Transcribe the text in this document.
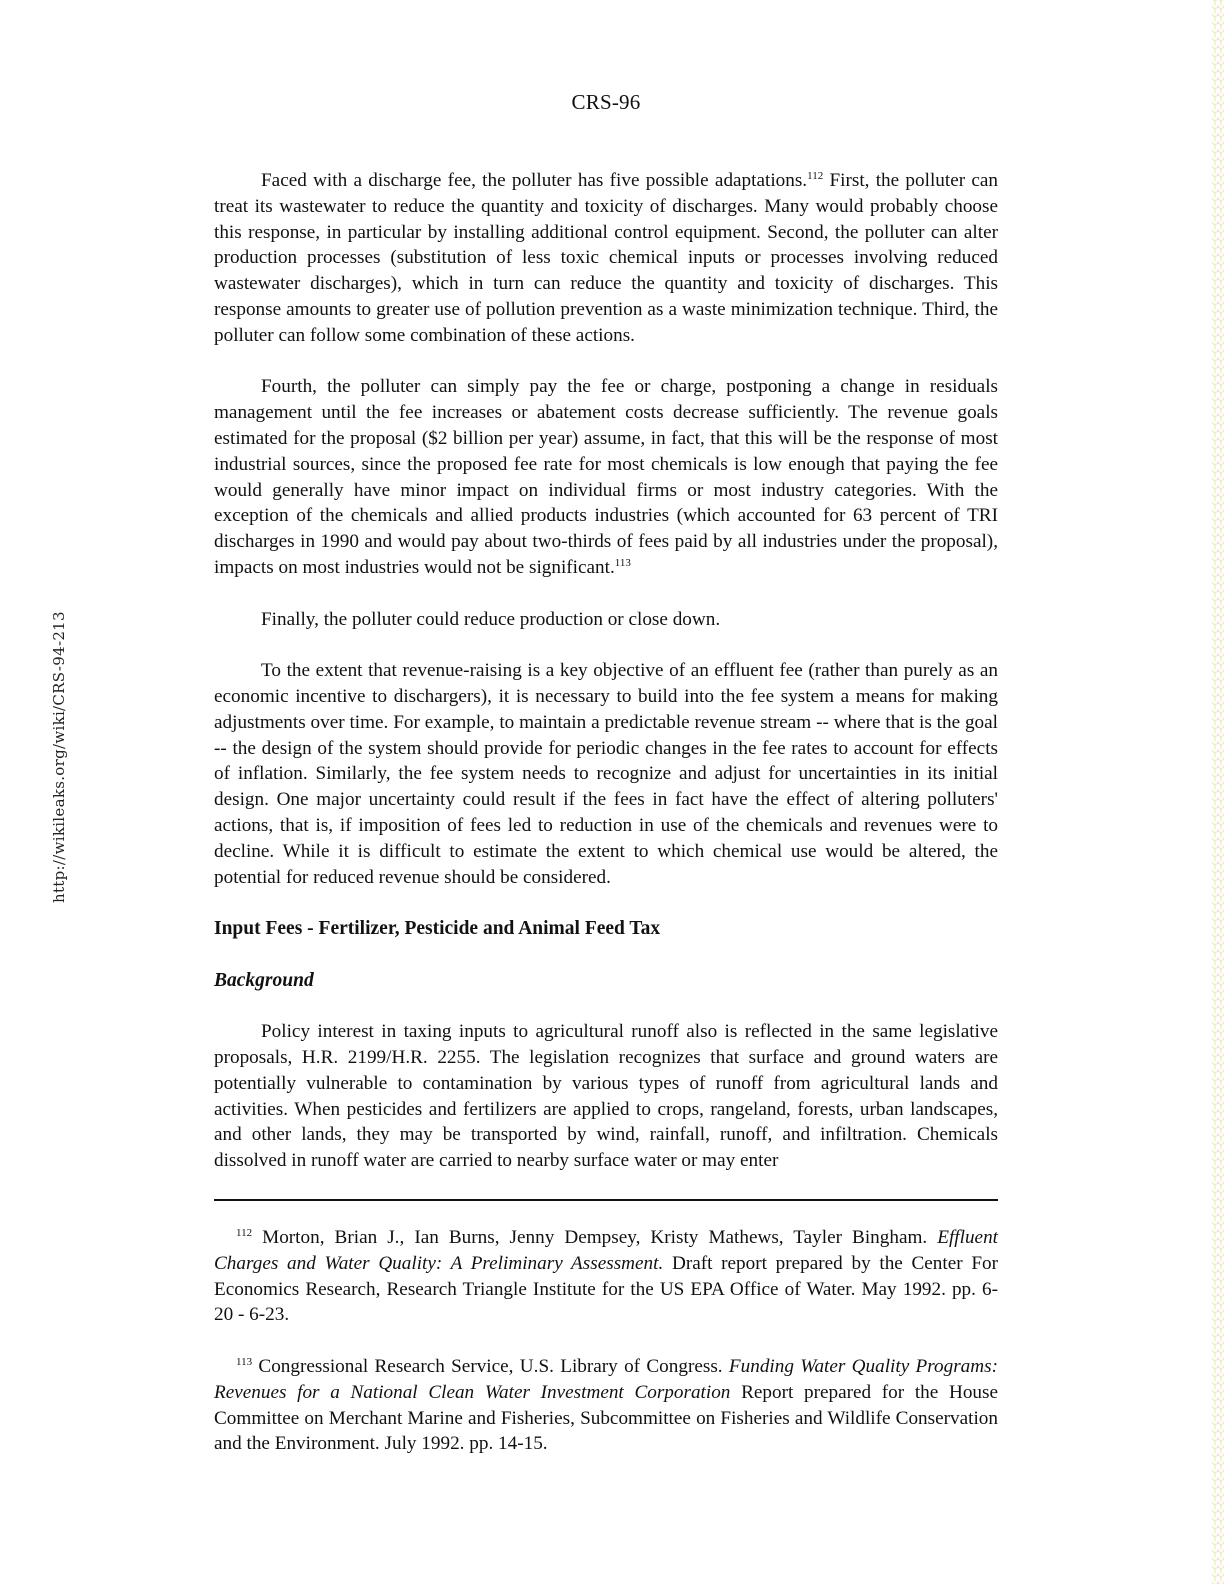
http://wikileaks.org/wiki/CRS-94-213
CRS-96

Faced with a discharge fee, the polluter has five possible adaptations.$^{112}$ First, the polluter can treat its wastewater to reduce the quantity and toxicity of discharges. Many would probably choose this response, in particular by installing additional control equipment. Second, the polluter can alter production processes (substitution of less toxic chemical inputs or processes involving reduced wastewater discharges), which in turn can reduce the quantity and toxicity of discharges. This response amounts to greater use of pollution prevention as a waste minimization technique. Third, the polluter can follow some combination of these actions.

Fourth, the polluter can simply pay the fee or charge, postponing a change in residuals management until the fee increases or abatement costs decrease sufficiently. The revenue goals estimated for the proposal ($2 billion per year) assume, in fact, that this will be the response of most industrial sources, since the proposed fee rate for most chemicals is low enough that paying the fee would generally have minor impact on individual firms or most industry categories. With the exception of the chemicals and allied products industries (which accounted for 63 percent of TRI discharges in 1990 and would pay about two-thirds of fees paid by all industries under the proposal), impacts on most industries would not be significant.$^{113}$

Finally, the polluter could reduce production or close down.

To the extent that revenue-raising is a key objective of an effluent fee (rather than purely as an economic incentive to dischargers), it is necessary to build into the fee system a means for making adjustments over time. For example, to maintain a predictable revenue stream -- where that is the goal -- the design of the system should provide for periodic changes in the fee rates to account for effects of inflation. Similarly, the fee system needs to recognize and adjust for uncertainties in its initial design. One major uncertainty could result if the fees in fact have the effect of altering polluters' actions, that is, if imposition of fees led to reduction in use of the chemicals and revenues were to decline. While it is difficult to estimate the extent to which chemical use would be altered, the potential for reduced revenue should be considered.

Input Fees - Fertilizer, Pesticide and Animal Feed Tax
Background

Policy interest in taxing inputs to agricultural runoff also is reflected in the same legislative proposals, H.R. 2199/H.R. 2255. The legislation recognizes that surface and ground waters are potentially vulnerable to contamination by various types of runoff from agricultural lands and activities. When pesticides and fertilizers are applied to crops, rangeland, forests, urban landscapes, and other lands, they may be transported by wind, rainfall, runoff, and infiltration. Chemicals dissolved in runoff water are carried to nearby surface water or may enter

$^{112}$ Morton, Brian J., Ian Burns, Jenny Dempsey, Kristy Mathews, Tayler Bingham. Effluent Charges and Water Quality: A Preliminary Assessment. Draft report prepared by the Center For Economics Research, Research Triangle Institute for the US EPA Office of Water. May 1992. pp. 6-20 - 6-23.

$^{113}$ Congressional Research Service, U.S. Library of Congress. Funding Water Quality Programs: Revenues for a National Clean Water Investment Corporation Report prepared for the House Committee on Merchant Marine and Fisheries, Subcommittee on Fisheries and Wildlife Conservation and the Environment. July 1992. pp. 14-15.
